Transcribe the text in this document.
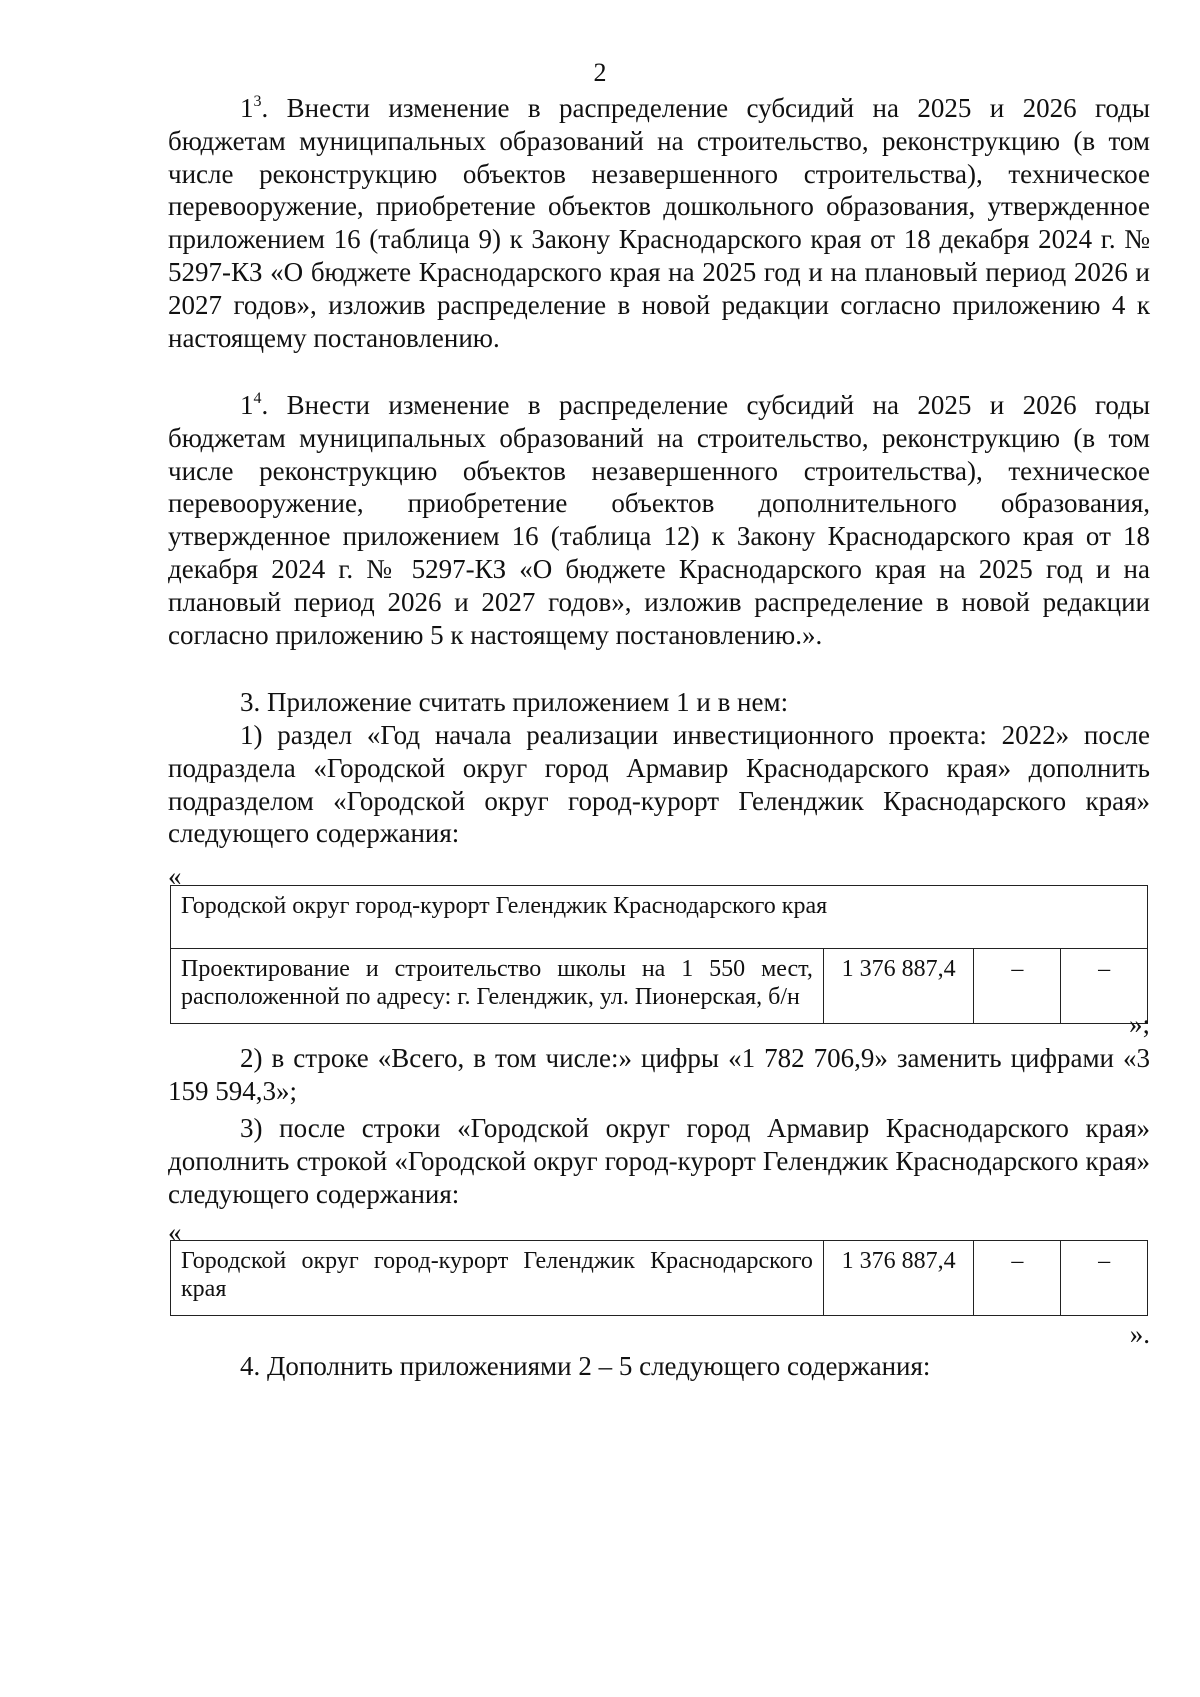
2

$1^3$. Внести изменение в распределение субсидий на 2025 и 2026 годы бюджетам муниципальных образований на строительство, реконструкцию (в том числе реконструкцию объектов незавершенного строительства), техническое перевооружение, приобретение объектов дошкольного образования, утвержденное приложением 16 (таблица 9) к Закону Краснодарского края от 18 декабря 2024 г. № 5297-КЗ «О бюджете Краснодарского края на 2025 год и на плановый период 2026 и 2027 годов», изложив распределение в новой редакции согласно приложению 4 к настоящему постановлению.

$1^4$. Внести изменение в распределение субсидий на 2025 и 2026 годы бюджетам муниципальных образований на строительство, реконструкцию (в том числе реконструкцию объектов незавершенного строительства), техническое перевооружение, приобретение объектов дополнительного образования, утвержденное приложением 16 (таблица 12) к Закону Краснодарского края от 18 декабря 2024 г. № 5297-КЗ «О бюджете Краснодарского края на 2025 год и на плановый период 2026 и 2027 годов», изложив распределение в новой редакции согласно приложению 5 к настоящему постановлению.».

3. Приложение считать приложением 1 и в нем:

1) раздел «Год начала реализации инвестиционного проекта: 2022» после подраздела «Городской округ город Армавир Краснодарского края» дополнить подразделом «Городской округ город-курорт Геленджик Краснодарского края» следующего содержания:

«
Городской округ город-курорт Геленджик Краснодарского края
Проектирование и строительство школы на 1 550 мест, расположенной по адресу: г. Геленджик, ул. Пионерская, б/н	1 376 887,4	–	–
»;

2) в строке «Всего, в том числе:» цифры «1 782 706,9» заменить цифрами «3 159 594,3»;

3) после строки «Городской округ город Армавир Краснодарского края» дополнить строкой «Городской округ город-курорт Геленджик Краснодарского края» следующего содержания:

«
Городской округ город-курорт Геленджик Краснодарского края	1 376 887,4	–	–
».

4. Дополнить приложениями 2 – 5 следующего содержания:
